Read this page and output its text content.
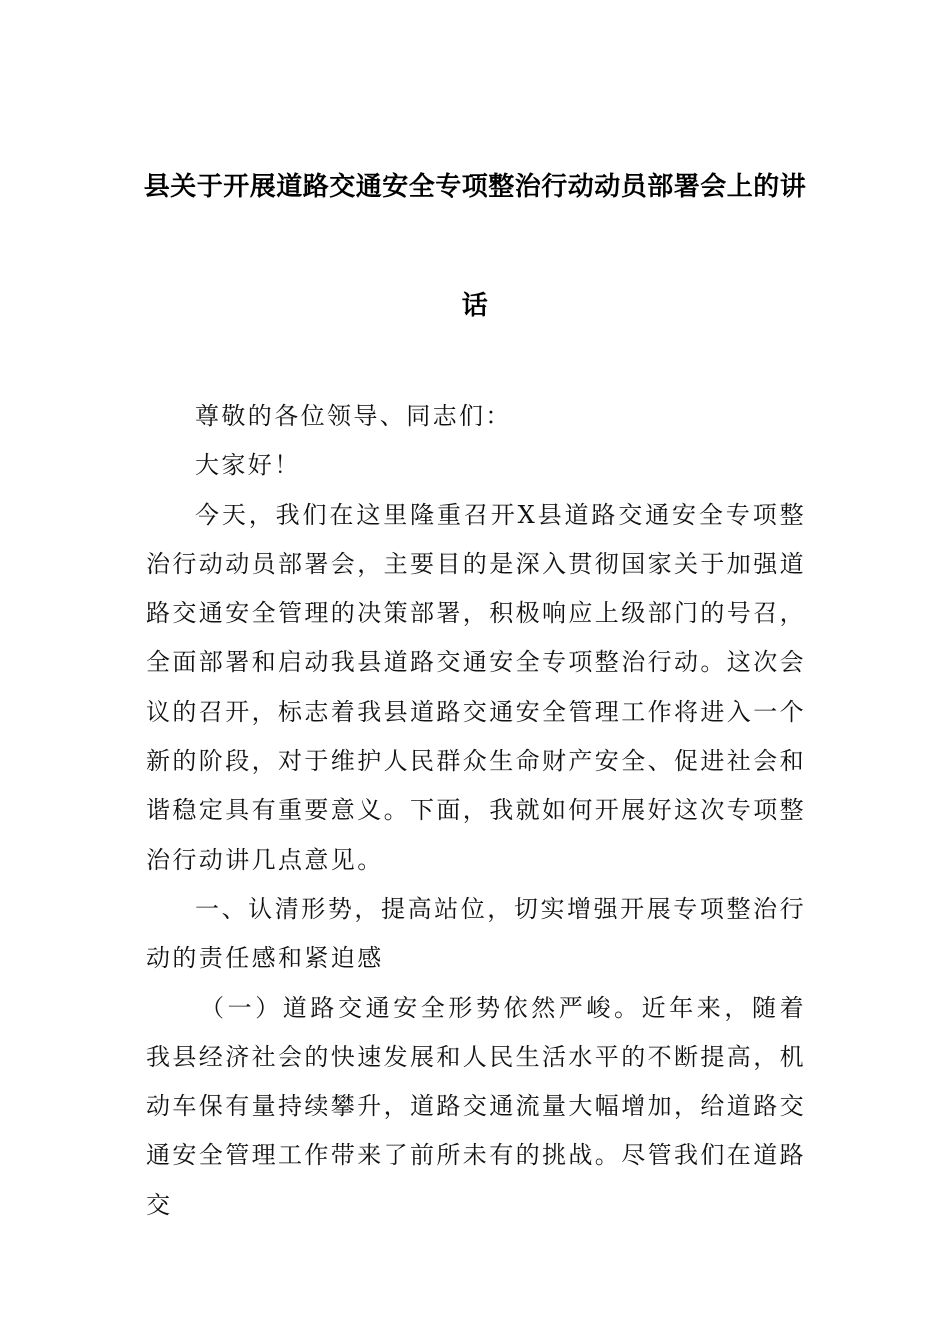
县关于开展道路交通安全专项整治行动动员部署会上的讲
话

尊敬的各位领导、同志们：

大家好！

今天，我们在这里隆重召开X县道路交通安全专项整治行动动员部署会，主要目的是深入贯彻国家关于加强道路交通安全管理的决策部署，积极响应上级部门的号召，全面部署和启动我县道路交通安全专项整治行动。这次会议的召开，标志着我县道路交通安全管理工作将进入一个新的阶段，对于维护人民群众生命财产安全、促进社会和谐稳定具有重要意义。下面，我就如何开展好这次专项整治行动讲几点意见。

一、认清形势，提高站位，切实增强开展专项整治行动的责任感和紧迫感

（一）道路交通安全形势依然严峻。近年来，随着我县经济社会的快速发展和人民生活水平的不断提高，机动车保有量持续攀升，道路交通流量大幅增加，给道路交通安全管理工作带来了前所未有的挑战。尽管我们在道路交
